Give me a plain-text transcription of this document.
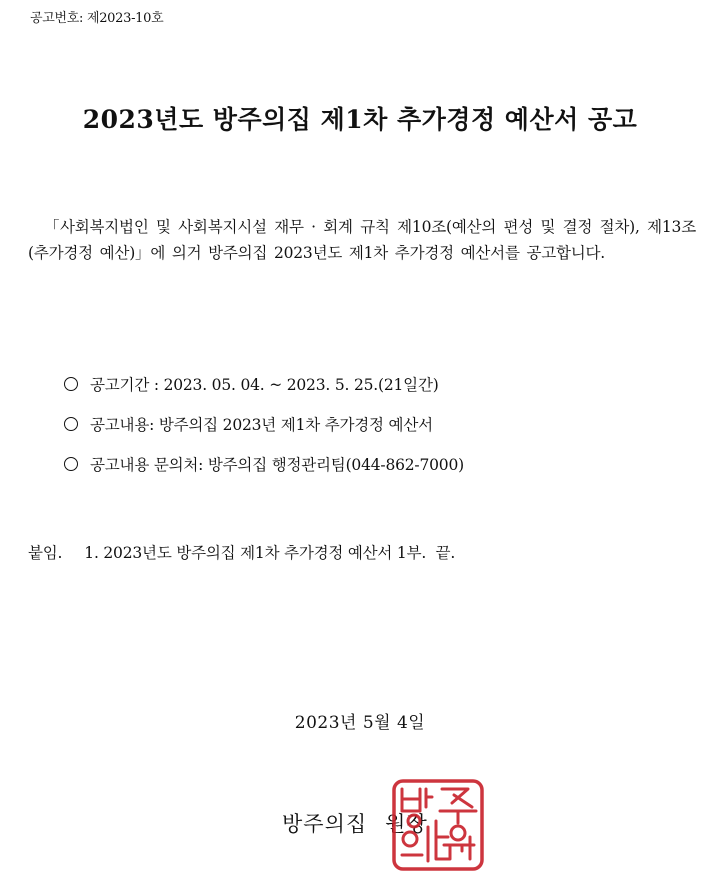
공고번호: 제2023-10호
2023년도 방주의집 제1차 추가경정 예산서 공고

「사회복지법인 및 사회복지시설 재무 · 회계 규칙 제10조(예산의 편성 및 결정 절차), 제13조(추가경정 예산)」에 의거 방주의집 2023년도 제1차 추가경정 예산서를 공고합니다.

공고기간 : 2023. 05. 04. ~ 2023. 5. 25.(21일간)
공고내용: 방주의집 2023년 제1차 추가경정 예산서
공고내용 문의처: 방주의집 행정관리팀(044-862-7000)

붙임. 1. 2023년도 방주의집 제1차 추가경정 예산서 1부.  끝.

2023년 5월 4일

방주의집 원장
